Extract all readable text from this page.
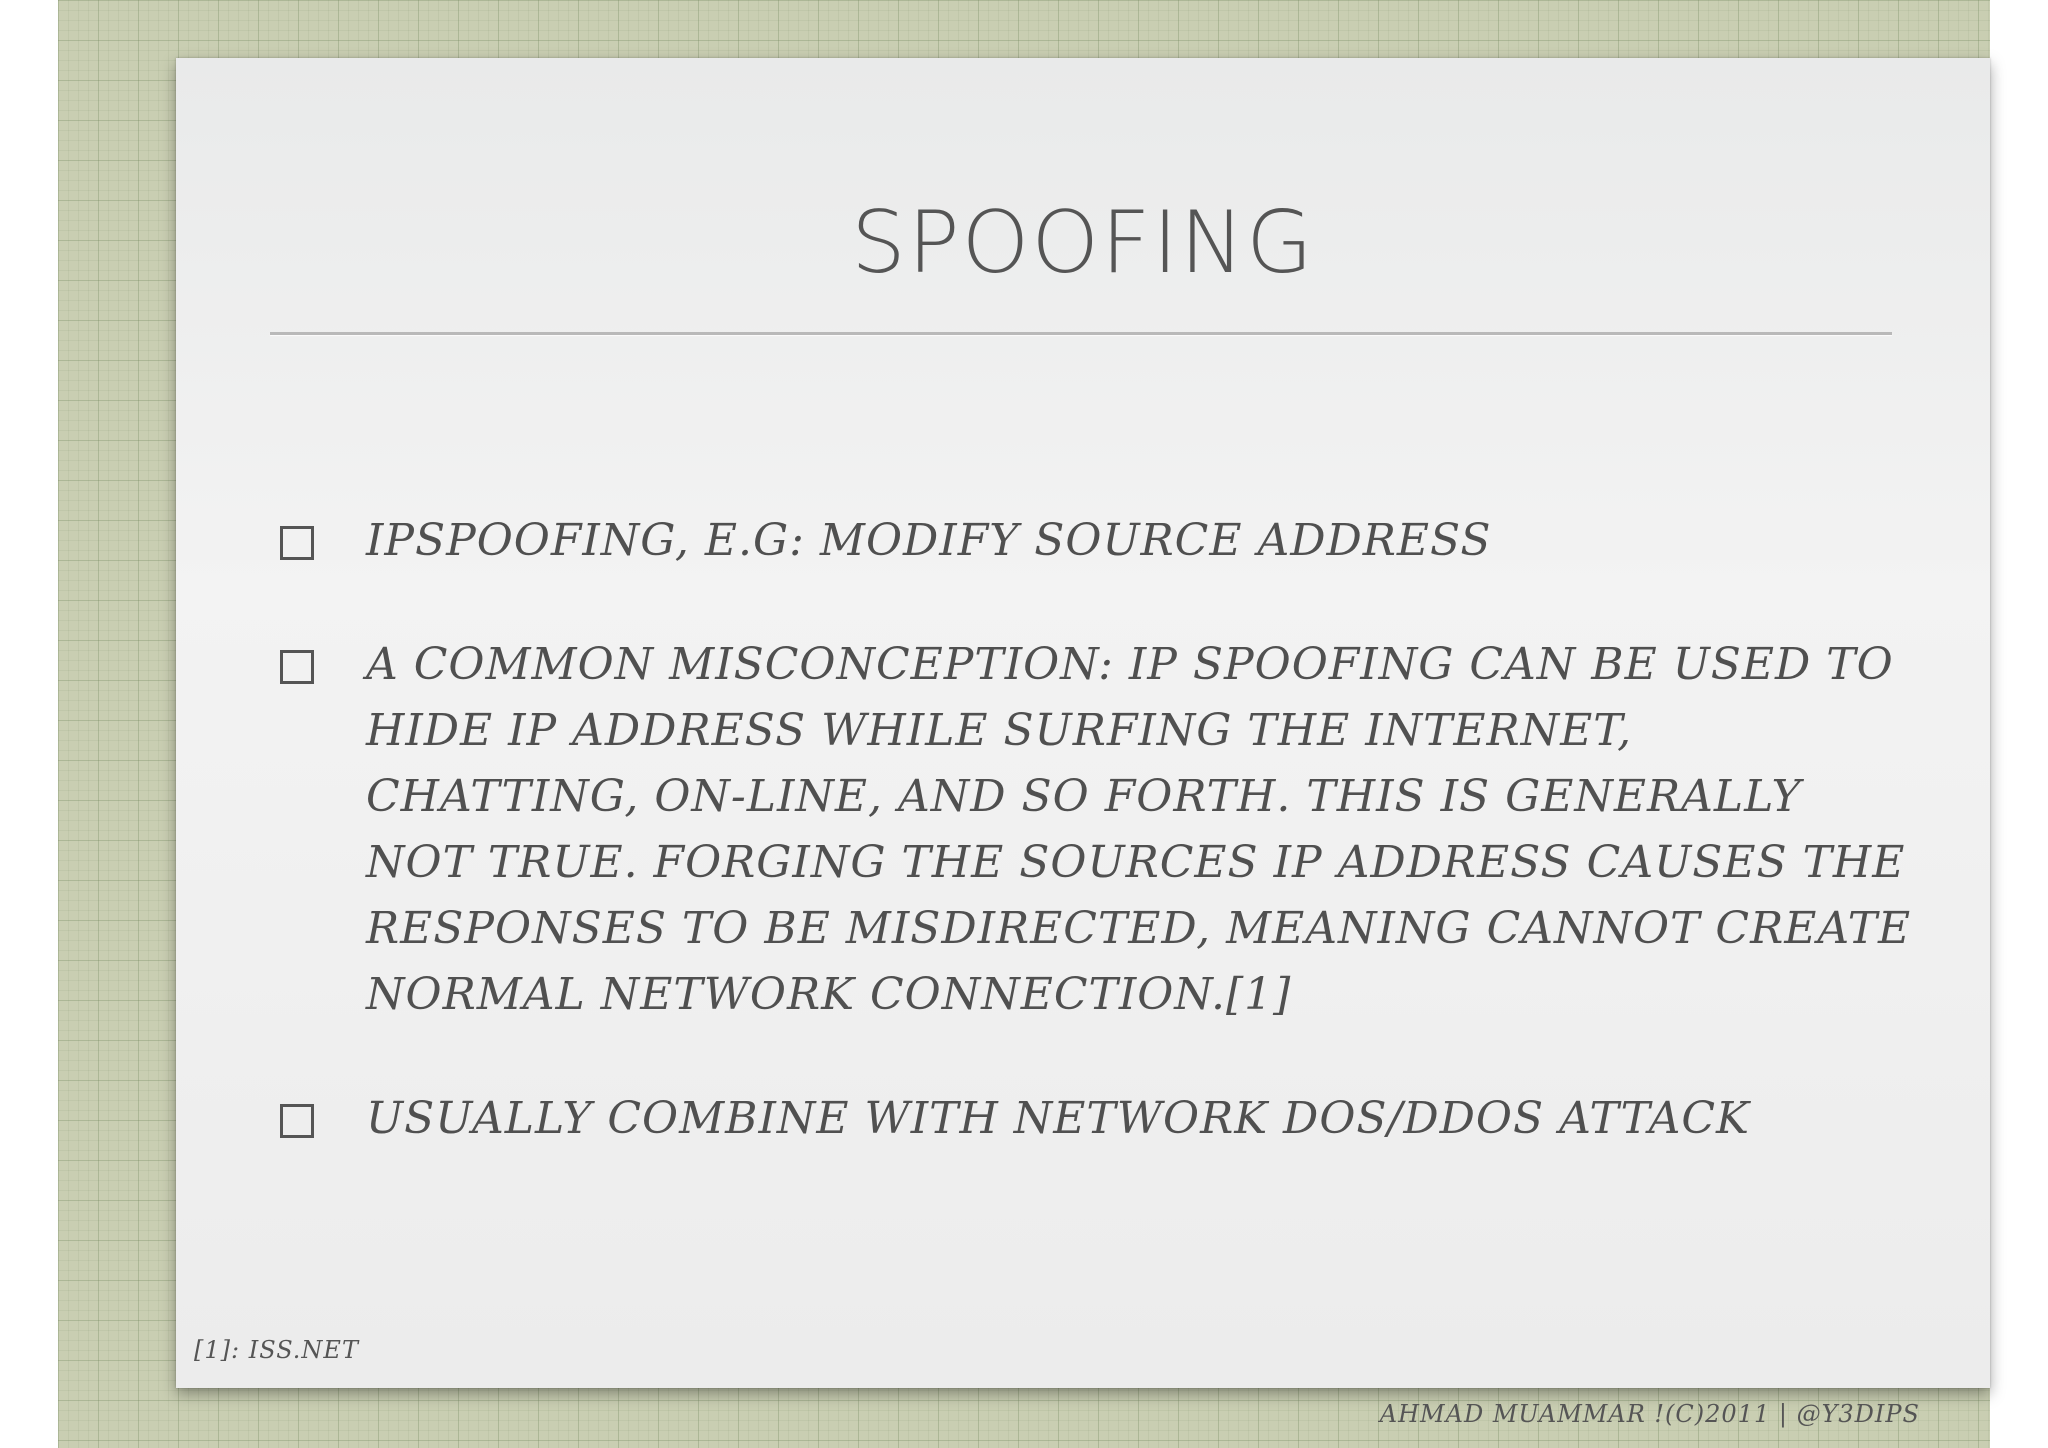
SPOOFING
IPSPOOFING, E.G: MODIFY SOURCE ADDRESS
A COMMON MISCONCEPTION: IP SPOOFING CAN BE USED TO HIDE IP ADDRESS WHILE SURFING THE INTERNET, CHATTING, ON-LINE, AND SO FORTH. THIS IS GENERALLY NOT TRUE. FORGING THE SOURCES IP ADDRESS CAUSES THE RESPONSES TO BE MISDIRECTED, MEANING CANNOT CREATE NORMAL NETWORK CONNECTION.[1]
USUALLY COMBINE WITH NETWORK DOS/DDOS ATTACK
[1]: ISS.NET
AHMAD MUAMMAR !(C)2011 | @Y3DIPS
